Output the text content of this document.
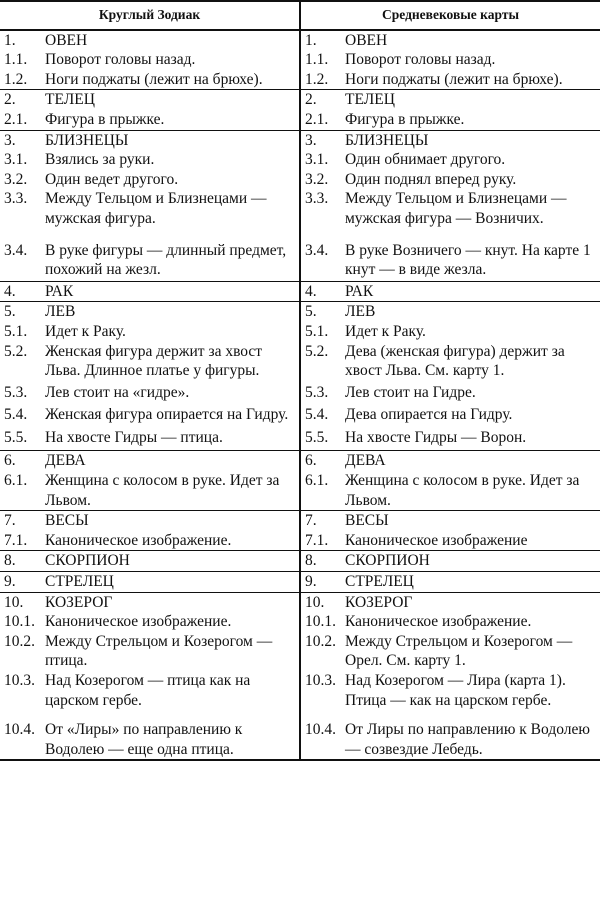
Круглый Зодиак		Средневековые карты	
1.	ОВЕН	1.	ОВЕН
1.1.	Поворот головы назад.	1.1.	Поворот головы назад.
1.2.	Ноги поджаты (лежит на брюхе).	1.2.	Ноги поджаты (лежит на брюхе).
2.	ТЕЛЕЦ	2.	ТЕЛЕЦ
2.1.	Фигура в прыжке.	2.1.	Фигура в прыжке.
3.	БЛИЗНЕЦЫ	3.	БЛИЗНЕЦЫ
3.1.	Взялись за руки.	3.1.	Один обнимает другого.
3.2.	Один ведет другого.	3.2.	Один поднял вперед руку.
3.3.	Между Тельцом и Близнецами — мужская фигура.	3.3.	Между Тельцом и Близнецами — мужская фигура — Возничих.
3.4.	В руке фигуры — длинный предмет, похожий на жезл.	3.4.	В руке Возничего — кнут. На карте 1 кнут — в виде жезла.
4.	РАК	4.	РАК
5.	ЛЕВ	5.	ЛЕВ
5.1.	Идет к Раку.	5.1.	Идет к Раку.
5.2.	Женская фигура держит за хвост Льва. Длинное платье у фигуры.	5.2.	Дева (женская фигура) держит за хвост Льва. См. карту 1.
5.3.	Лев стоит на «гидре».	5.3.	Лев стоит на Гидре.
5.4.	Женская фигура опирается на Гидру.	5.4.	Дева опирается на Гидру.
5.5.	На хвосте Гидры — птица.	5.5.	На хвосте Гидры — Ворон.
6.	ДЕВА	6.	ДЕВА
6.1.	Женщина с колосом в руке. Идет за Львом.	6.1.	Женщина с колосом в руке. Идет за Львом.
7.	ВЕСЫ	7.	ВЕСЫ
7.1.	Каноническое изображение.	7.1.	Каноническое изображение
8.	СКОРПИОН	8.	СКОРПИОН
9.	СТРЕЛЕЦ	9.	СТРЕЛЕЦ
10.	КОЗЕРОГ	10.	КОЗЕРОГ
10.1.	Каноническое изображение.	10.1.	Каноническое изображение.
10.2.	Между Стрельцом и Козерогом — птица.	10.2.	Между Стрельцом и Козерогом — Орел. См. карту 1.
10.3.	Над Козерогом — птица как на царском гербе.	10.3.	Над Козерогом — Лира (карта 1). Птица — как на царском гербе.
10.4.	От «Лиры» по направлению к Водолею — еще одна птица.	10.4.	От Лиры по направлению к Водолею — созвездие Лебедь.
